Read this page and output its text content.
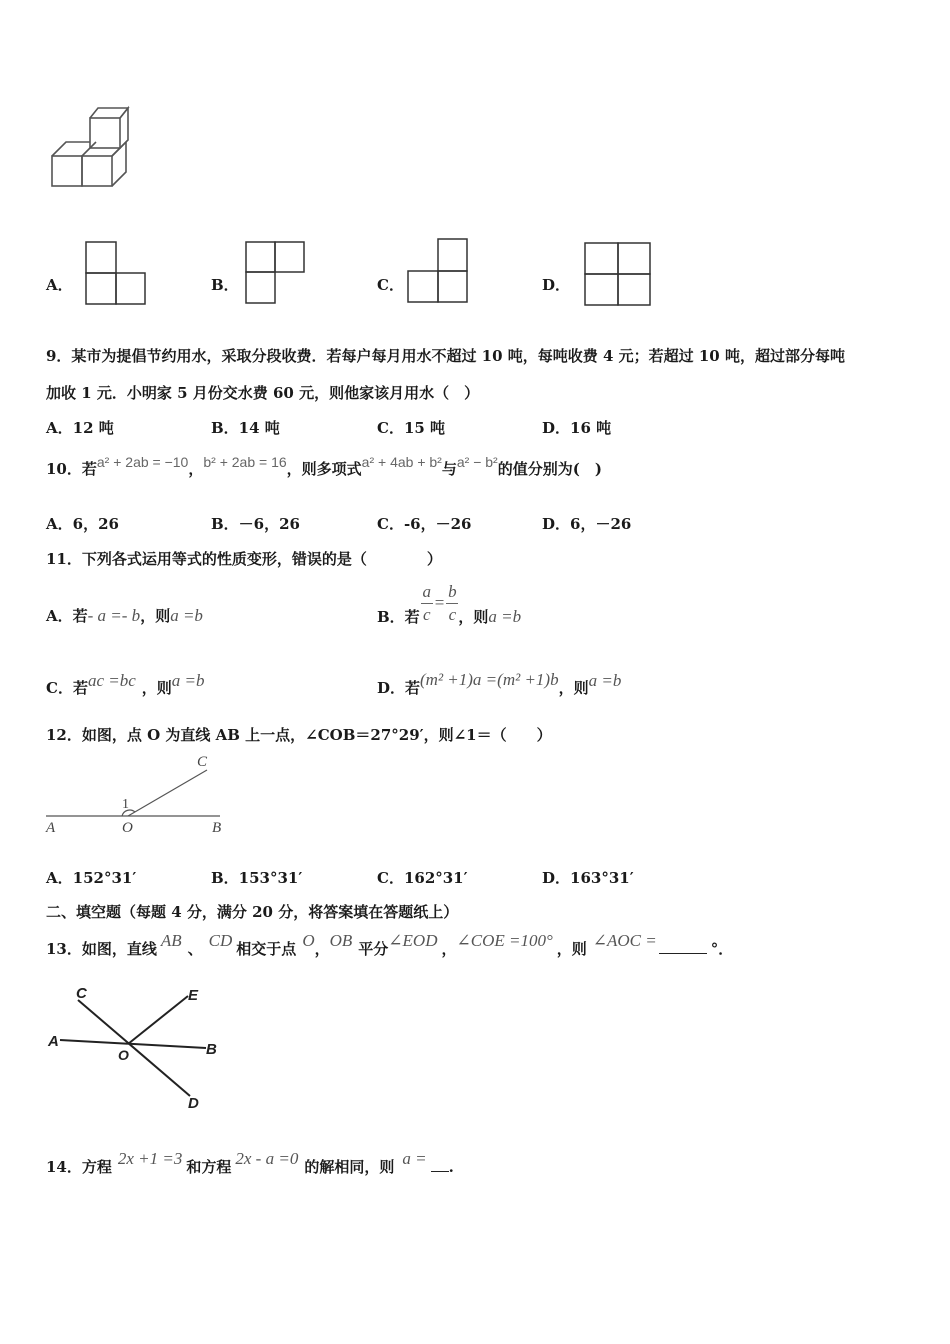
A．	B．	C．	D．
9．某市为提倡节约用水，采取分段收费．若每户每月用水不超过 10 吨，每吨收费 4 元；若超过 10 吨，超过部分每吨
加收 1 元．小明家 5 月份交水费 60 元，则他家该月用水（　）
A．12 吨	B．14 吨	C．15 吨	D．16 吨
10．若a² + 2ab = −10，b² + 2ab = 16，则多项式a² + 4ab + b²与a² − b²的值分别为(　)
A．6，26	B．－6，26	C．-6，－26	D．6，－26
11．下列各式运用等式的性质变形，错误的是（　　　　）
A．若- a =- b，则a =b	B．若 $\frac{a}{c} = \frac{b}{c}$ ，则a =b
C．若ac =bc ，则a =b	D．若(m² +1)a =(m² +1)b，则a =b
12．如图，点 O 为直线 AB 上一点，∠COB＝27°29′，则∠1＝（　　）
C
1
A	O	B
A．152°31′	B．153°31′	C．162°31′	D．163°31′
二、填空题（每题 4 分，满分 20 分，将答案填在答题纸上）
13．如图，直线 AB 、 CD 相交于点 O，OB 平分∠EOD ，∠COE =100° ，则 ∠AOC =	°．
C	E
A
O	B
D
14．方程 2x +1 =3 和方程 2x - a =0 的解相同，则 a = .
